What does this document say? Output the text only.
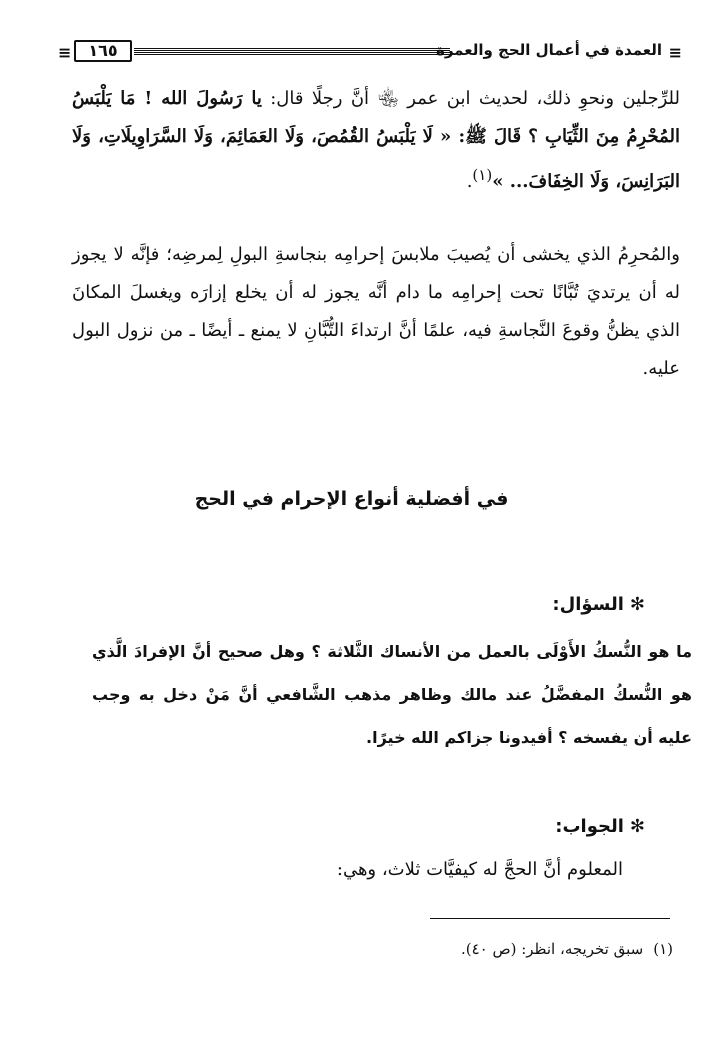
≡
العمدة في أعمال الحج والعمرة
١٦٥
≡
للرِّجلين ونحوِ ذلك، لحديث ابن عمر ﵄ أنَّ رجلًا قال: يا رَسُولَ الله ! مَا يَلْبَسُ المُحْرِمُ مِنَ الثِّيَابِ ؟ قَالَ ﷺ: « لَا يَلْبَسُ القُمُصَ، وَلَا العَمَائِمَ، وَلَا السَّرَاوِيلَاتِ، وَلَا البَرَانِسَ، وَلَا الخِفَافَ... »$^{(١)}$.
والمُحرِمُ الذي يخشى أن يُصيبَ ملابسَ إحرامِه بنجاسةِ البولِ لِمرضِه؛ فإنَّه لا يجوز له أن يرتديَ تُبَّانًا تحت إحرامِه ما دام أنَّه يجوز له أن يخلع إزارَه ويغسلَ المكانَ الذي يظنُّ وقوعَ النَّجاسةِ فيه، علمًا أنَّ ارتداءَ التُّبَّانِ لا يمنع ـ أيضًا ـ من نزول البول عليه.
في أفضلية أنواع الإحرام في الحج
✻السؤال:
ما هو النُّسكُ الأَوْلَى بالعمل من الأنساك الثَّلاثة ؟ وهل صحيح أنَّ الإفرادَ الَّذي هو النُّسكُ المفضَّلُ عند مالك وظاهر مذهب الشَّافعي أنَّ مَنْ دخل به وجب عليه أن يفسخه ؟ أفيدونا جزاكم الله خيرًا.
✻الجواب:
المعلوم أنَّ الحجَّ له كيفيَّات ثلاث، وهي:
(١)سبق تخريجه، انظر: (ص ٤٠).
